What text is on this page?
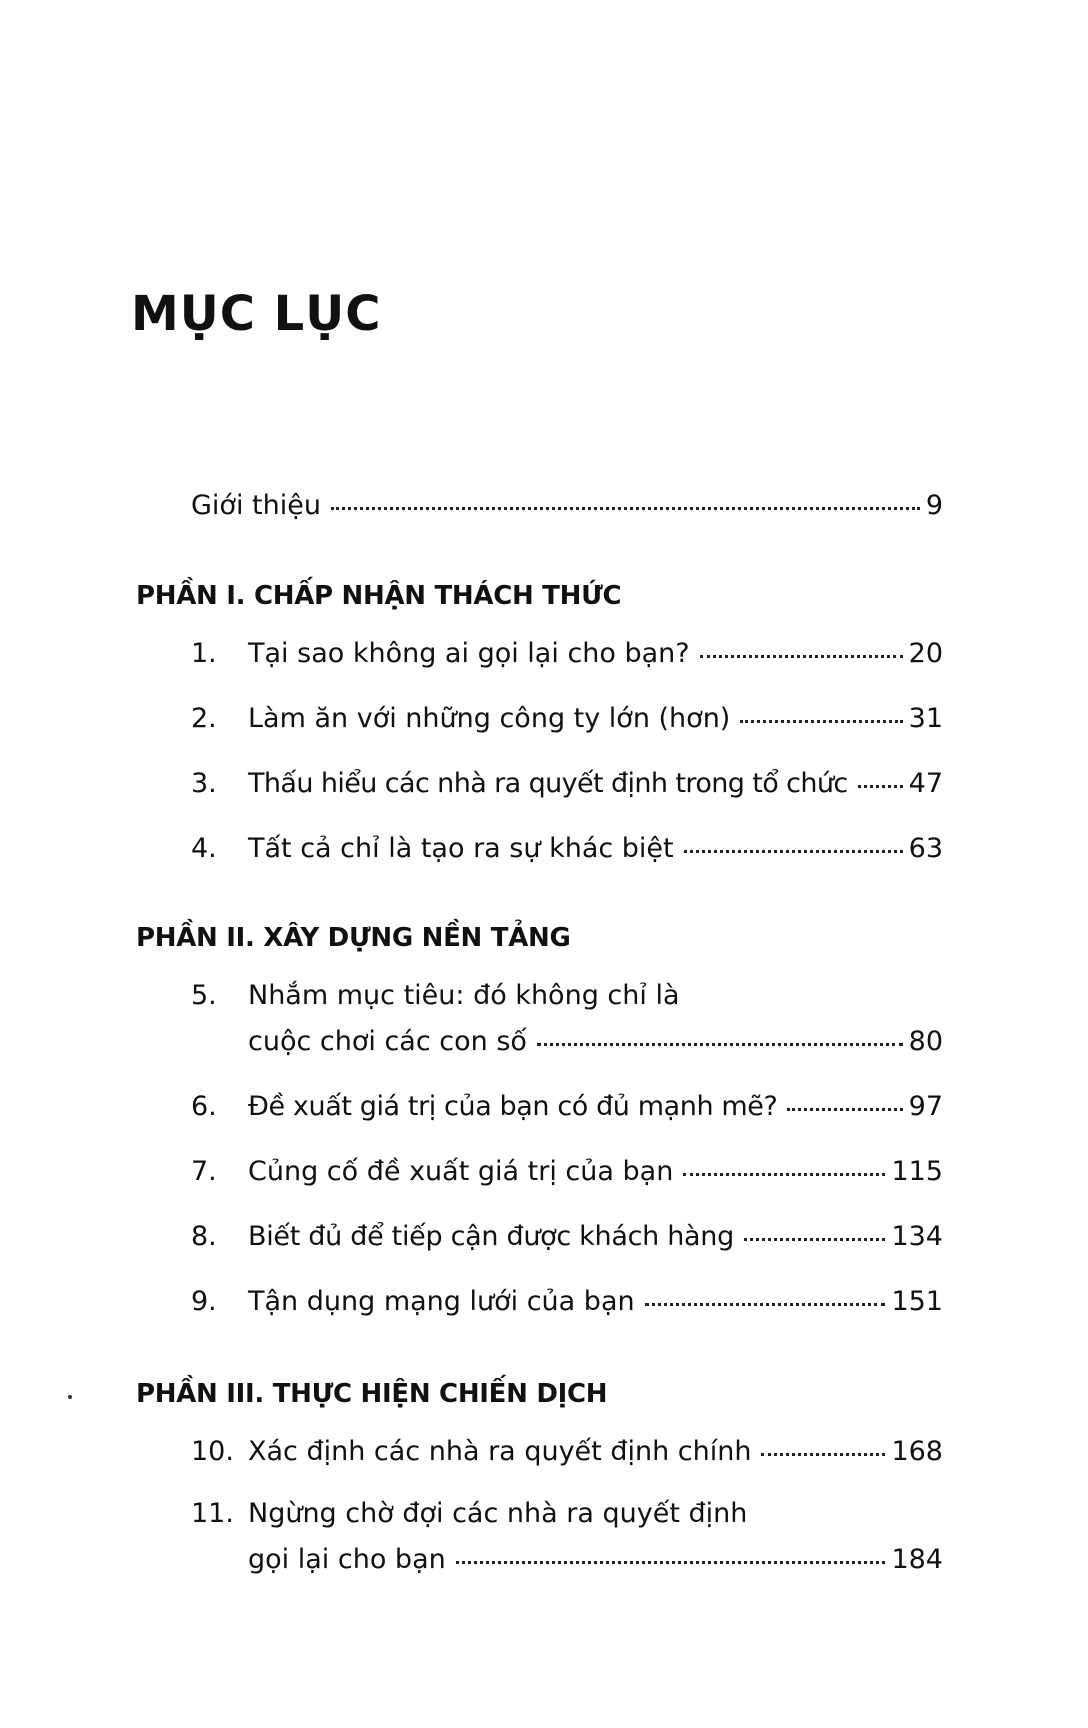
MỤC LỤC
Giới thiệu	9
PHẦN I. CHẤP NHẬN THÁCH THỨC
1.	Tại sao không ai gọi lại cho bạn?	20
2.	Làm ăn với những công ty lớn (hơn)	31
3.	Thấu hiểu các nhà ra quyết định trong tổ chức 47
4.	Tất cả chỉ là tạo ra sự khác biệt	63
PHẦN II. XÂY DỰNG NỀN TẢNG
5. Nhắm mục tiêu: đó không chỉ là
cuộc chơi các con số	80
6.	Đề xuất giá trị của bạn có đủ mạnh mẽ?	97
7.	Củng cố đề xuất giá trị của bạn	115
8.	Biết đủ để tiếp cận được khách hàng	134
9.	Tận dụng mạng lưới của bạn	151
PHẦN III. THỰC HIỆN CHIẾN DỊCH
10. Xác định các nhà ra quyết định chính	168
11. Ngừng chờ đợi các nhà ra quyết định
gọi lại cho bạn	184
